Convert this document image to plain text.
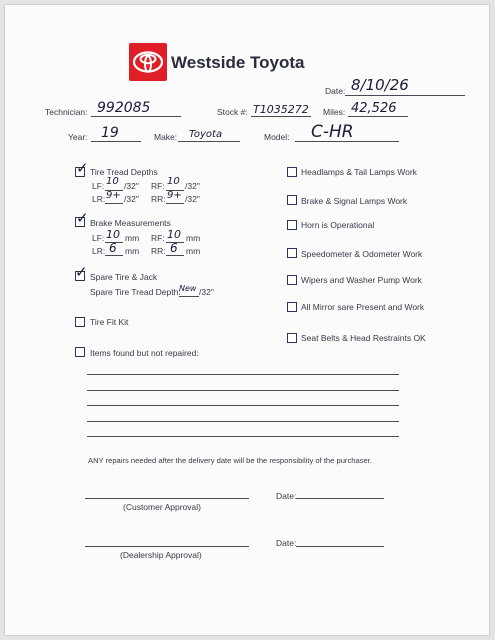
Westside Toyota
Date: 8/10/26
Technician: 992085	Stock #: T1035272 Miles: 42,526
Year: 19	Make: Toyota	Model: C-HR
✓ Tire Tread Depths
LF: 10 /32" RF: 10 /32"
LR: 9+ /32" RR: 9+ /32"
✓ Brake Measurements
LF: 10 mm RF: 10 mm
LR: 6 mm RR: 6 mm
✓ Spare Tire & Jack
Spare Tire Tread Depth:
New /32"
Tire Fit Kit
Items found but not repaired:
Headlamps & Tail Lamps Work
Brake & Signal Lamps Work
Horn is Operational
Speedometer & Odometer Work
Wipers and Washer Pump Work
All Mirror sare Present and Work
Seat Belts & Head Restraints OK
ANY repairs needed after the delivery date will be the responsibility of the purchaser.
(Customer Approval)
Date:
(Dealership Approval)
Date:
